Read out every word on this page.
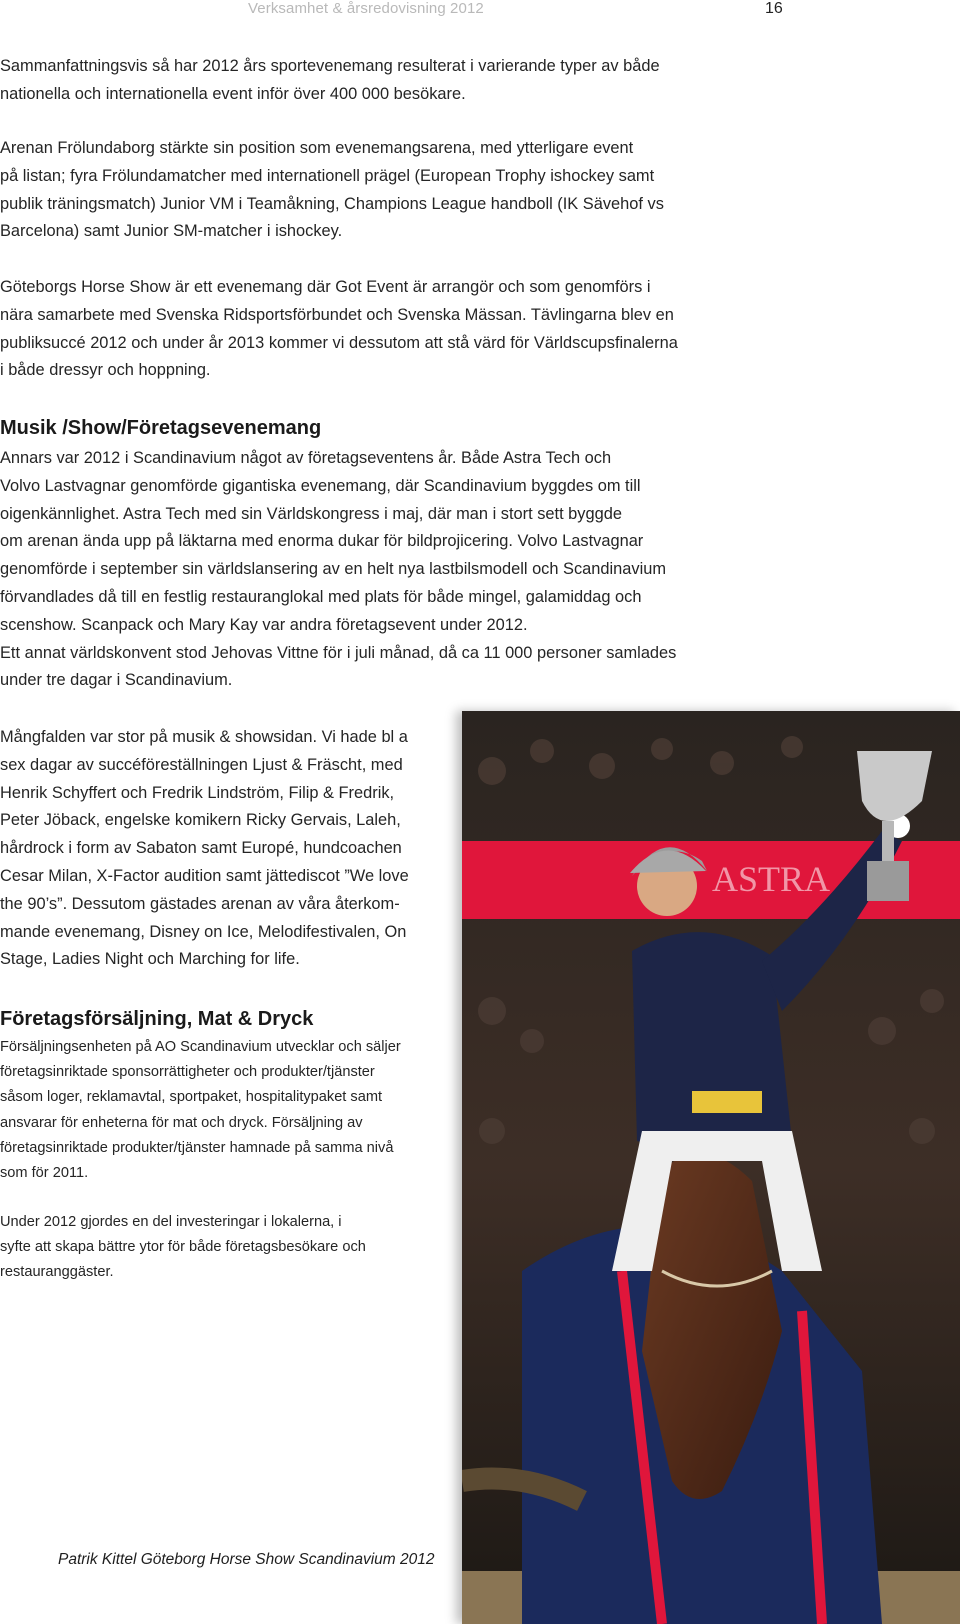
Verksamhet & årsredovisning 2012	16

Sammanfattningsvis så har 2012 års sportevenemang resulterat i varierande typer av både
nationella och internationella event inför över 400 000 besökare.

Arenan Frölundaborg stärkte sin position som evenemangsarena, med ytterligare event
på listan; fyra Frölundamatcher med internationell prägel (European Trophy ishockey samt
publik träningsmatch) Junior VM i Teamåkning, Champions League handboll (IK Sävehof vs
Barcelona) samt Junior SM-matcher i ishockey.

Göteborgs Horse Show är ett evenemang där Got Event är arrangör och som genomförs i
nära samarbete med Svenska Ridsportsförbundet och Svenska Mässan. Tävlingarna blev en
publiksuccé 2012 och under år 2013 kommer vi dessutom att stå värd för Världscupsfinalerna
i både dressyr och hoppning.

Musik /Show/Företagsevenemang

Annars var 2012 i Scandinavium något av företagseventens år. Både Astra Tech och
Volvo Lastvagnar genomförde gigantiska evenemang, där Scandinavium byggdes om till
oigenkännlighet. Astra Tech med sin Världskongress i maj, där man i stort sett byggde
om arenan ända upp på läktarna med enorma dukar för bildprojicering. Volvo Lastvagnar
genomförde i september sin världslansering av en helt nya lastbilsmodell och Scandinavium
förvandlades då till en festlig restauranglokal med plats för både mingel, galamiddag och
scenshow. Scanpack och Mary Kay var andra företagsevent under 2012.
Ett annat världskonvent stod Jehovas Vittne för i juli månad, då ca 11 000 personer samlades
under tre dagar i Scandinavium.

Mångfalden var stor på musik & showsidan. Vi hade bl a
sex dagar av succéföreställningen Ljust & Fräscht, med
Henrik Schyffert och Fredrik Lindström, Filip & Fredrik,
Peter Jöback, engelske komikern Ricky Gervais, Laleh,
hårdrock i form av Sabaton samt Europé, hundcoachen
Cesar Milan, X-Factor audition samt jättediscot ”We love
the 90’s”. Dessutom gästades arenan av våra återkom-
mande evenemang, Disney on Ice, Melodifestivalen, On
Stage, Ladies Night och Marching for life.

Företagsförsäljning, Mat & Dryck

Försäljningsenheten på AO Scandinavium utvecklar och säljer
företagsinriktade sponsorrättigheter och produkter/tjänster
såsom loger, reklamavtal, sportpaket, hospitalitypaket samt
ansvarar för enheterna för mat och dryck. Försäljning av
företagsinriktade produkter/tjänster hamnade på samma nivå
som för 2011.

Under 2012 gjordes en del investeringar i lokalerna, i
syfte att skapa bättre ytor för både företagsbesökare och
restauranggäster.

ASTRA
Patrik Kittel Göteborg Horse Show Scandinavium 2012
